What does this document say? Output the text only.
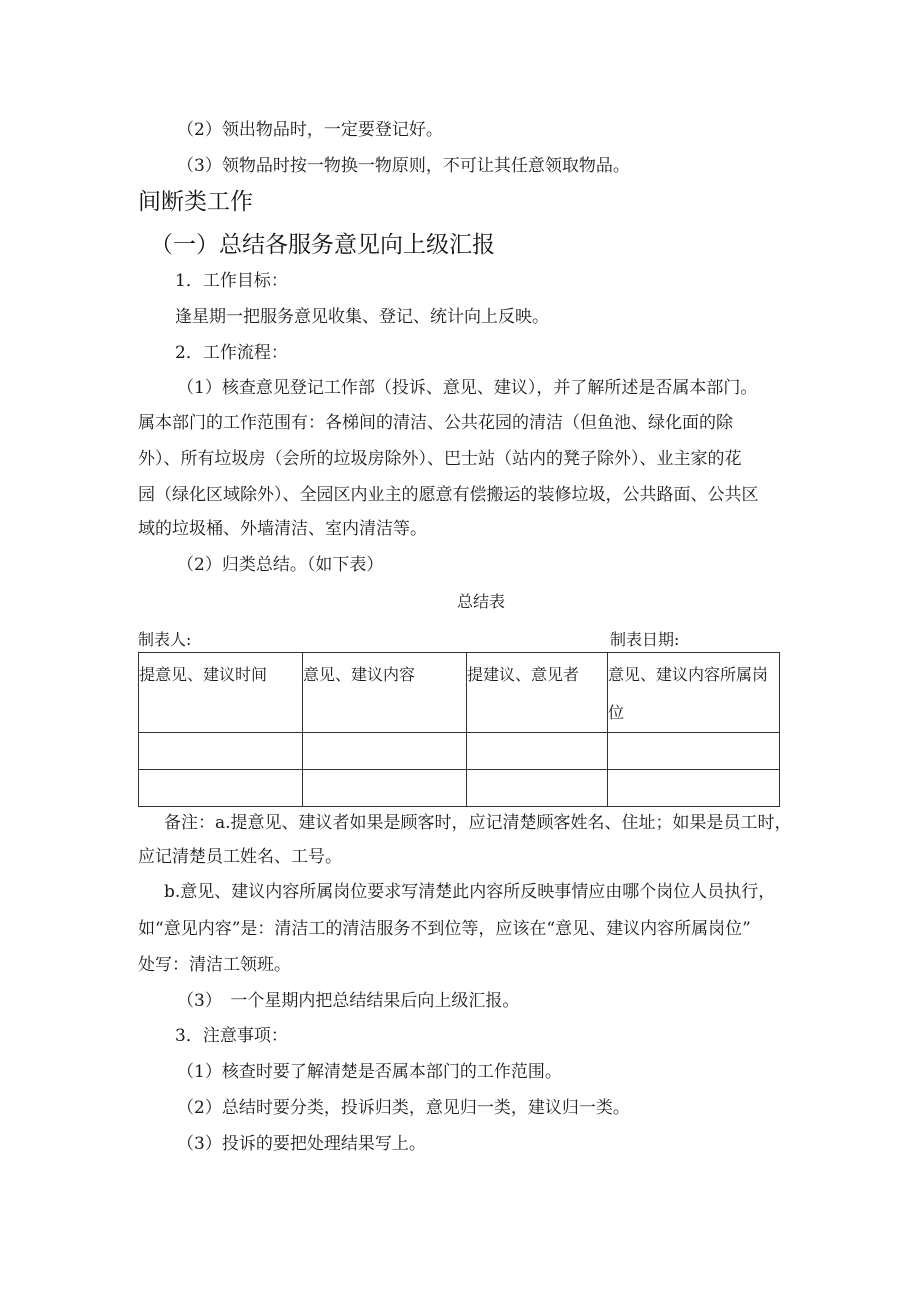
（2）领出物品时，一定要登记好。
（3）领物品时按一物换一物原则，不可让其任意领取物品。
间断类工作
（一）总结各服务意见向上级汇报
1．工作目标：
逢星期一把服务意见收集、登记、统计向上反映。
2．工作流程：
（1）核查意见登记工作部（投诉、意见、建议），并了解所述是否属本部门。
属本部门的工作范围有：各梯间的清洁、公共花园的清洁（但鱼池、绿化面的除
外）、所有垃圾房（会所的垃圾房除外）、巴士站（站内的凳子除外）、业主家的花
园（绿化区域除外）、全园区内业主的愿意有偿搬运的装修垃圾，公共路面、公共区
域的垃圾桶、外墙清洁、室内清洁等。
（2）归类总结。（如下表）
总结表
制表人:	制表日期:
提意见、建议时间	意见、建议内容	提建议、意见者	意见、建议内容所属岗位

备注：a.提意见、建议者如果是顾客时，应记清楚顾客姓名、住址；如果是员工时，
应记清楚员工姓名、工号。
b.意见、建议内容所属岗位要求写清楚此内容所反映事情应由哪个岗位人员执行，
如“意见内容”是：清洁工的清洁服务不到位等，应该在“意见、建议内容所属岗位”
处写：清洁工领班。
（3）　一个星期内把总结结果后向上级汇报。
3．注意事项：
（1）核查时要了解清楚是否属本部门的工作范围。
（2）总结时要分类，投诉归类，意见归一类，建议归一类。
（3）投诉的要把处理结果写上。
